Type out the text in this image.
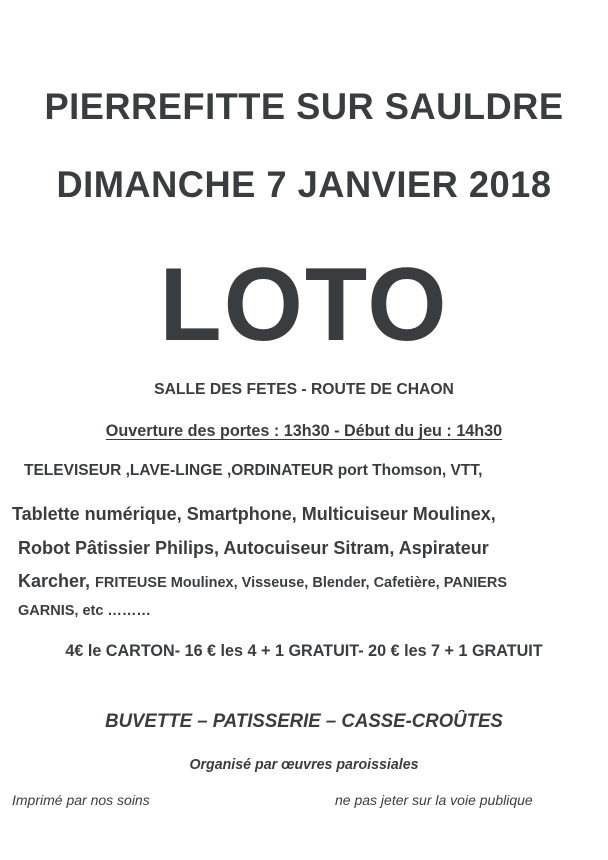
PIERREFITTE SUR SAULDRE
DIMANCHE 7 JANVIER 2018
LOTO
SALLE DES FETES - ROUTE DE CHAON
Ouverture des portes : 13h30 - Début du jeu : 14h30
TELEVISEUR ,LAVE-LINGE ,ORDINATEUR port Thomson, VTT,
Tablette numérique, Smartphone, Multicuiseur Moulinex,
Robot Pâtissier Philips, Autocuiseur Sitram, Aspirateur
Karcher, FRITEUSE Moulinex, Visseuse, Blender, Cafetière, PANIERS
GARNIS, etc ………
4€ le CARTON- 16 € les 4 + 1 GRATUIT- 20 € les 7 + 1 GRATUIT
BUVETTE – PATISSERIE – CASSE-CROÛTES
Organisé par œuvres paroissiales
Imprimé par nos soins	ne pas jeter sur la voie publique
